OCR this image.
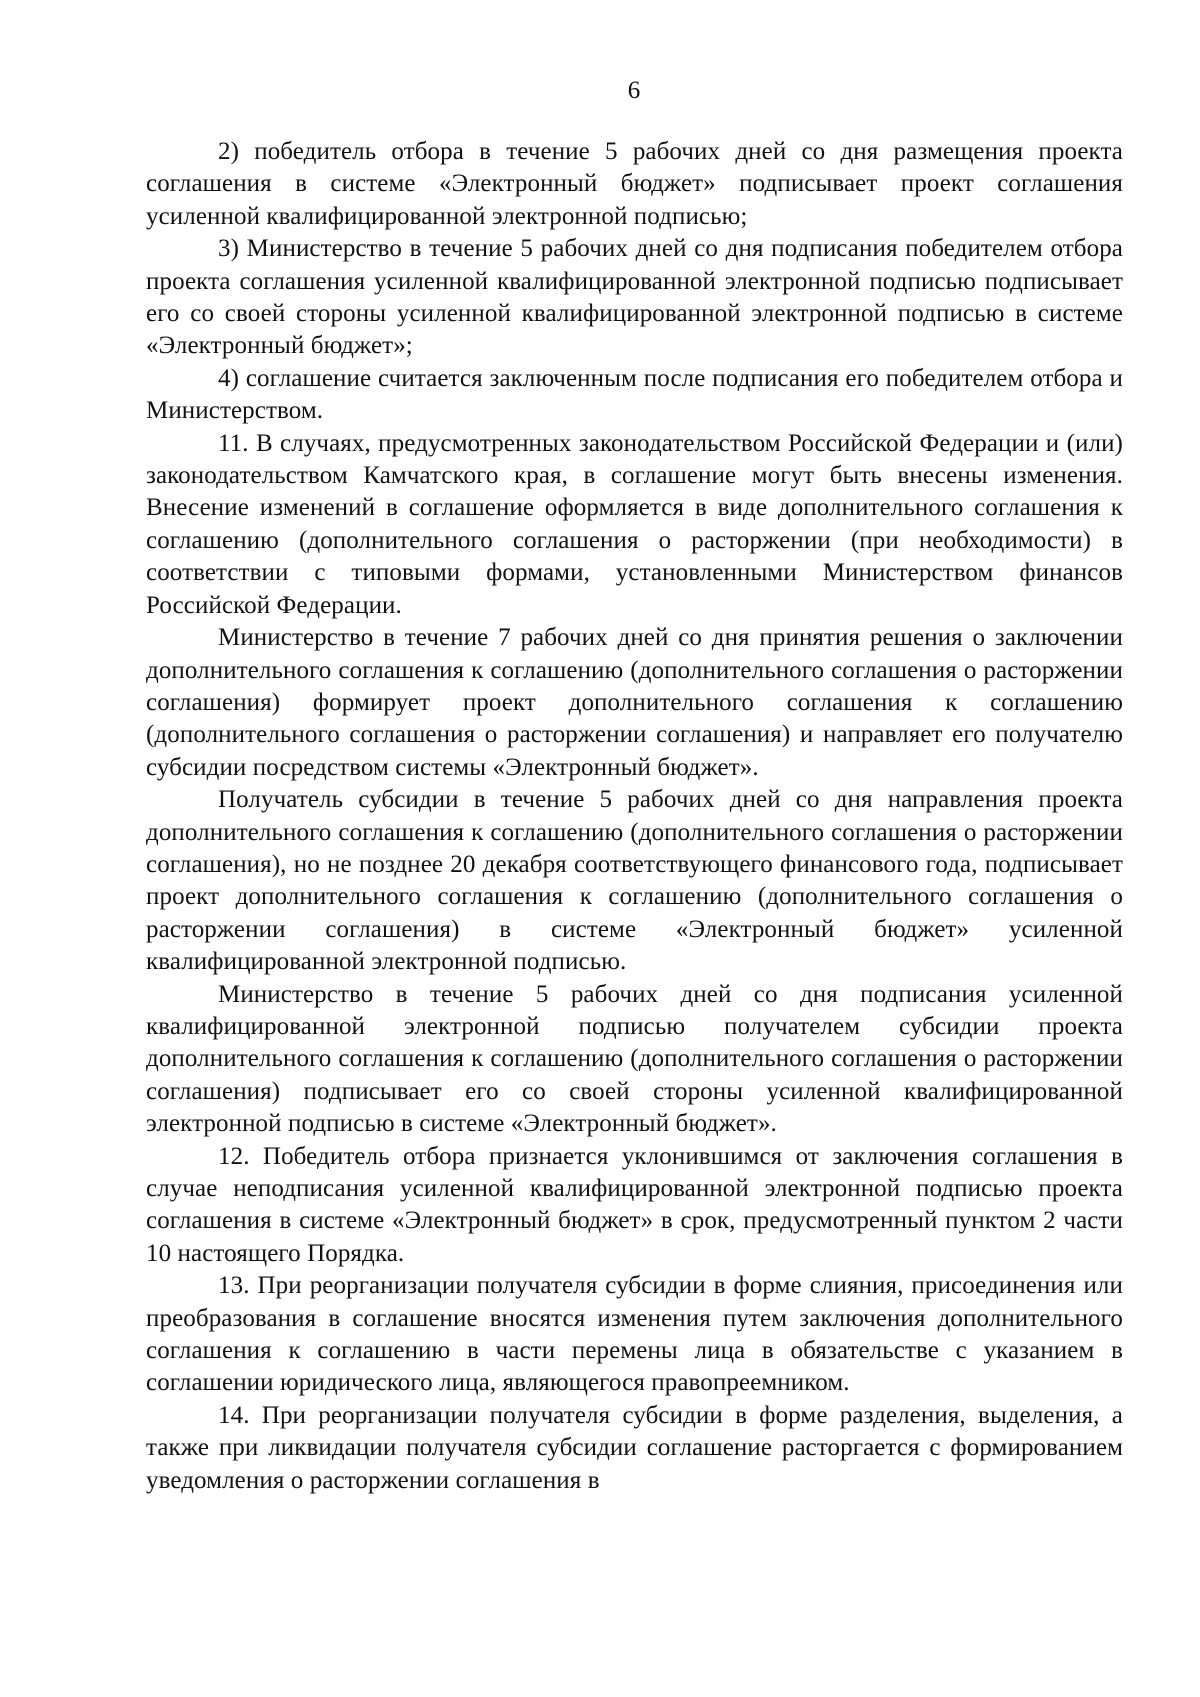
6

2) победитель отбора в течение 5 рабочих дней со дня размещения проекта соглашения в системе «Электронный бюджет» подписывает проект соглашения усиленной квалифицированной электронной подписью;

3) Министерство в течение 5 рабочих дней со дня подписания победителем отбора проекта соглашения усиленной квалифицированной электронной подписью подписывает его со своей стороны усиленной квалифицированной электронной подписью в системе «Электронный бюджет»;

4) соглашение считается заключенным после подписания его победителем отбора и Министерством.

11. В случаях, предусмотренных законодательством Российской Федерации и (или) законодательством Камчатского края, в соглашение могут быть внесены изменения. Внесение изменений в соглашение оформляется в виде дополнительного соглашения к соглашению (дополнительного соглашения о расторжении (при необходимости) в соответствии с типовыми формами, установленными Министерством финансов Российской Федерации.

Министерство в течение 7 рабочих дней со дня принятия решения о заключении дополнительного соглашения к соглашению (дополнительного соглашения о расторжении соглашения) формирует проект дополнительного соглашения к соглашению (дополнительного соглашения о расторжении соглашения) и направляет его получателю субсидии посредством системы «Электронный бюджет».

Получатель субсидии в течение 5 рабочих дней со дня направления проекта дополнительного соглашения к соглашению (дополнительного соглашения о расторжении соглашения), но не позднее 20 декабря соответствующего финансового года, подписывает проект дополнительного соглашения к соглашению (дополнительного соглашения о расторжении соглашения) в системе «Электронный бюджет» усиленной квалифицированной электронной подписью.

Министерство в течение 5 рабочих дней со дня подписания усиленной квалифицированной электронной подписью получателем субсидии проекта дополнительного соглашения к соглашению (дополнительного соглашения о расторжении соглашения) подписывает его со своей стороны усиленной квалифицированной электронной подписью в системе «Электронный бюджет».

12. Победитель отбора признается уклонившимся от заключения соглашения в случае неподписания усиленной квалифицированной электронной подписью проекта соглашения в системе «Электронный бюджет» в срок, предусмотренный пунктом 2 части 10 настоящего Порядка.

13. При реорганизации получателя субсидии в форме слияния, присоединения или преобразования в соглашение вносятся изменения путем заключения дополнительного соглашения к соглашению в части перемены лица в обязательстве с указанием в соглашении юридического лица, являющегося правопреемником.

14. При реорганизации получателя субсидии в форме разделения, выделения, а также при ликвидации получателя субсидии соглашение расторгается с формированием уведомления о расторжении соглашения в
